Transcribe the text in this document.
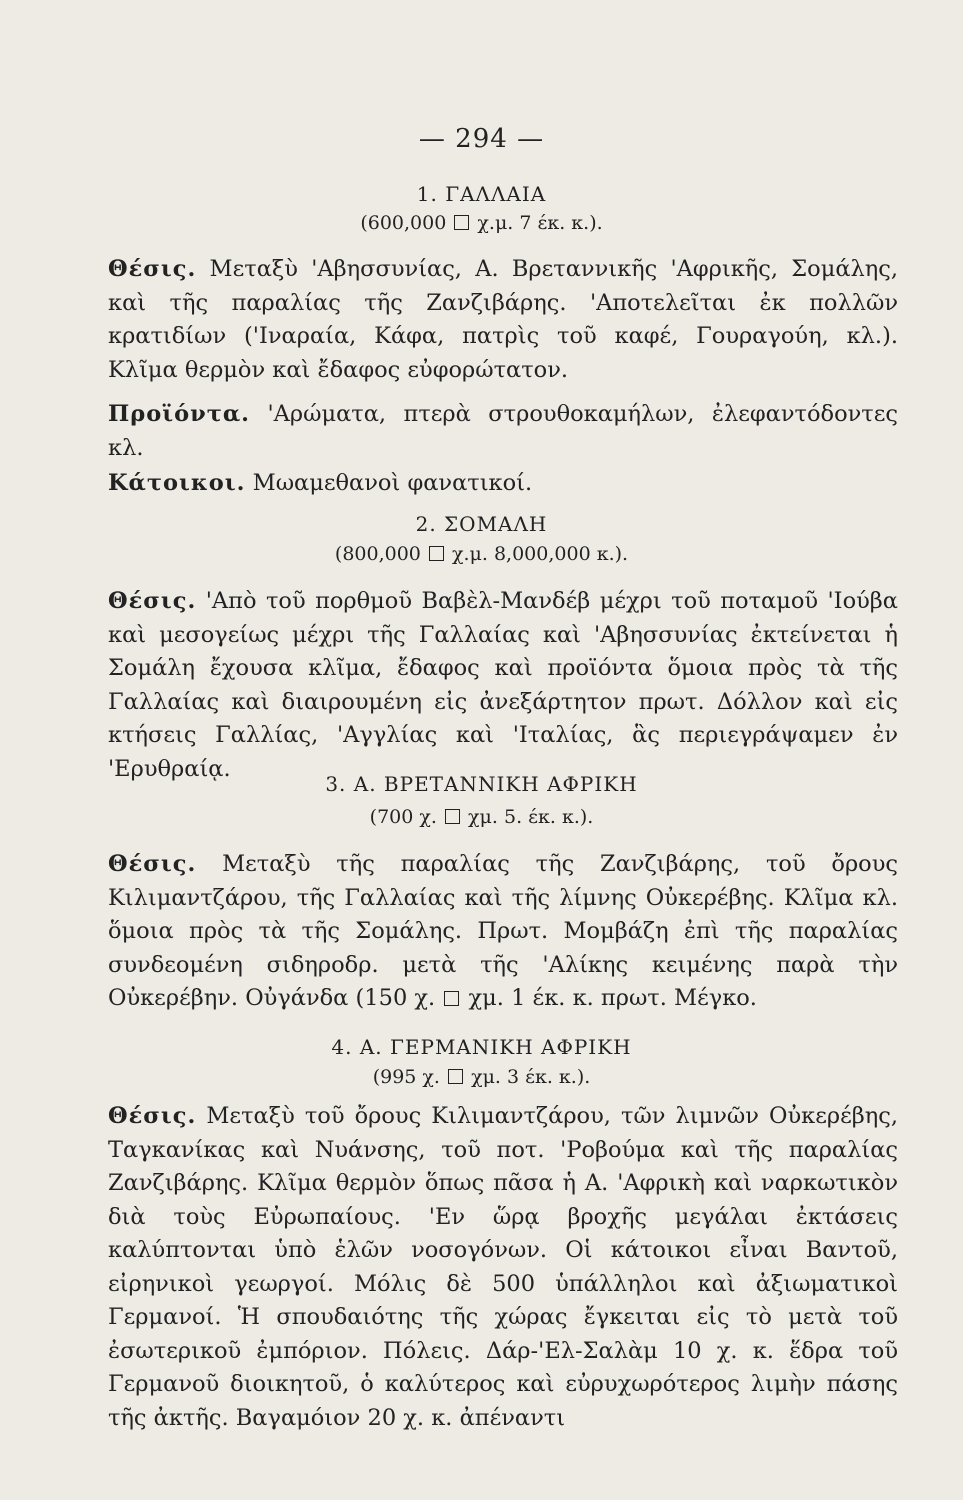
— 294 —
1. ΓΑΛΛΑΙΑ
(600,000 χ.μ. 7 έκ. κ.).
Θέσις. Μεταξὺ 'Αβησσυνίας, Α. Βρεταννικῆς 'Αφρικῆς, Σομάλης, καὶ τῆς παραλίας τῆς Ζανζιβάρης. 'Αποτελεῖται ἐκ πολλῶν κρατιδίων ('Ιναραία, Κάφα, πατρὶς τοῦ καφέ, Γουραγούη, κλ.). Κλῖμα θερμὸν καὶ ἔδαφος εὐφορώτατον.
Προϊόντα. 'Αρώματα, πτερὰ στρουθοκαμήλων, ἐλεφαντόδοντες κλ.
Κάτοικοι. Μωαμεθανοὶ φανατικοί.
2. ΣΟΜΑΛΗ
(800,000 χ.μ. 8,000,000 κ.).
Θέσις. 'Απὸ τοῦ πορθμοῦ Βαβὲλ-Μανδέβ μέχρι τοῦ ποταμοῦ 'Ιούβα καὶ μεσογείως μέχρι τῆς Γαλλαίας καὶ 'Αβησσυνίας ἐκτείνεται ἡ Σομάλη ἔχουσα κλῖμα, ἔδαφος καὶ προϊόντα ὅμοια πρὸς τὰ τῆς Γαλλαίας καὶ διαιρουμένη εἰς ἀνεξάρτητον πρωτ. Δόλλον καὶ εἰς κτήσεις Γαλλίας, 'Αγγλίας καὶ 'Ιταλίας, ἃς περιεγράψαμεν ἐν 'Ερυθραίᾳ.
3. Α. ΒΡΕΤΑΝΝΙΚΗ ΑΦΡΙΚΗ
(700 χ. χμ. 5. έκ. κ.).
Θέσις. Μεταξὺ τῆς παραλίας τῆς Ζανζιβάρης, τοῦ ὄρους Κιλιμαντζάρου, τῆς Γαλλαίας καὶ τῆς λίμνης Οὐκερέβης. Κλῖμα κλ. ὅμοια πρὸς τὰ τῆς Σομάλης. Πρωτ. Μομβάζη ἐπὶ τῆς παραλίας συνδεομένη σιδηροδρ. μετὰ τῆς 'Αλίκης κειμένης παρὰ τὴν Οὐκερέβην. Οὐγάνδα (150 χ. χμ. 1 έκ. κ. πρωτ. Μέγκο.
4. Α. ΓΕΡΜΑΝΙΚΗ ΑΦΡΙΚΗ
(995 χ. χμ. 3 έκ. κ.).
Θέσις. Μεταξὺ τοῦ ὄρους Κιλιμαντζάρου, τῶν λιμνῶν Οὐκερέβης, Ταγκανίκας καὶ Νυάνσης, τοῦ ποτ. 'Ροβούμα καὶ τῆς παραλίας Ζανζιβάρης. Κλῖμα θερμὸν ὅπως πᾶσα ἡ Α. 'Αφρικὴ καὶ ναρκωτικὸν διὰ τοὺς Εὐρωπαίους. 'Εν ὥρᾳ βροχῆς μεγάλαι ἐκτάσεις καλύπτονται ὑπὸ ἑλῶν νοσογόνων. Οἱ κάτοικοι εἶναι Βαντοῦ, εἰρηνικοὶ γεωργοί. Μόλις δὲ 500 ὑπάλληλοι καὶ ἀξιωματικοὶ Γερμανοί. Ἡ σπουδαιότης τῆς χώρας ἔγκειται εἰς τὸ μετὰ τοῦ ἐσωτερικοῦ ἐμπόριον. Πόλεις. Δάρ-'Ελ-Σαλὰμ 10 χ. κ. ἕδρα τοῦ Γερμανοῦ διοικητοῦ, ὁ καλύτερος καὶ εὐρυχωρότερος λιμὴν πάσης τῆς ἀκτῆς. Βαγαμόιον 20 χ. κ. ἀπέναντι
